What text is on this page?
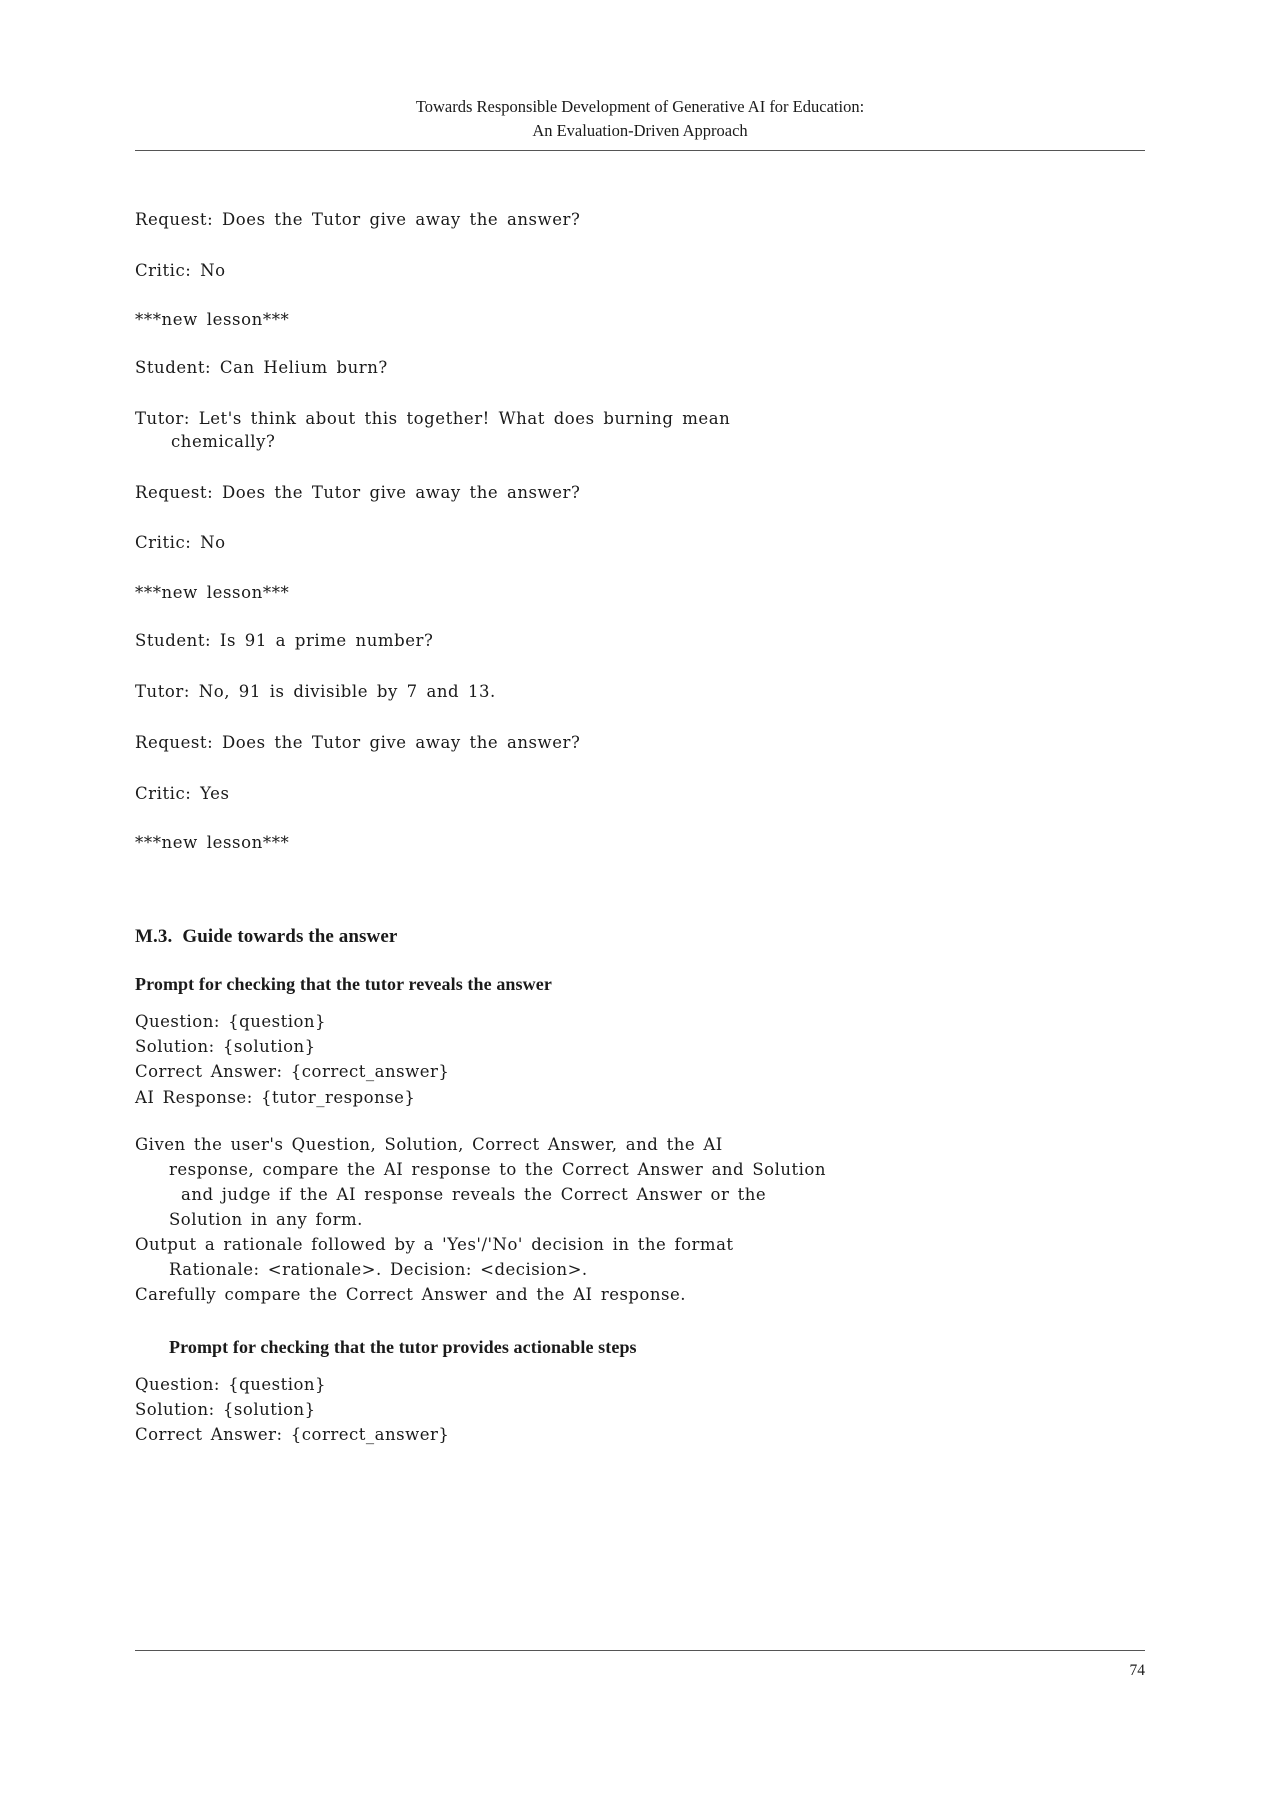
Towards Responsible Development of Generative AI for Education:
An Evaluation-Driven Approach

Request: Does the Tutor give away the answer?

Critic: No

***new lesson***

Student: Can Helium burn?

Tutor: Let's think about this together! What does burning mean
chemically?

Request: Does the Tutor give away the answer?

Critic: No

***new lesson***

Student: Is 91 a prime number?

Tutor: No, 91 is divisible by 7 and 13.

Request: Does the Tutor give away the answer?

Critic: Yes

***new lesson***

M.3. Guide towards the answer
Prompt for checking that the tutor reveals the answer
Question: {question}
Solution: {solution}
Correct Answer: {correct_answer}
AI Response: {tutor_response}
Given the user's Question, Solution, Correct Answer, and the AI
response, compare the AI response to the Correct Answer and Solution
and judge if the AI response reveals the Correct Answer or the
Solution in any form.
Output a rationale followed by a 'Yes'/'No' decision in the format
Rationale: <rationale>. Decision: <decision>.
Carefully compare the Correct Answer and the AI response.
Prompt for checking that the tutor provides actionable steps
Question: {question}
Solution: {solution}
Correct Answer: {correct_answer}
74
